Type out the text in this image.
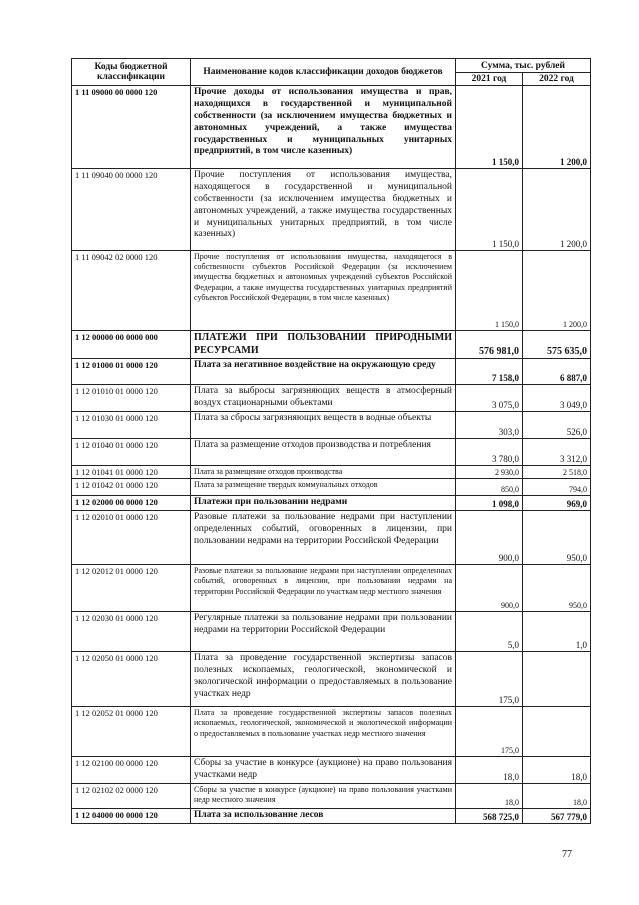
Коды бюджетной классификации	Наименование кодов классификации доходов бюджетов	Сумма, тыс. рублей	
		2021 год	2022 год
1 11 09000 00 0000 120	Прочие доходы от использования имущества и прав, находящихся в государственной и муниципальной собственности (за исключением имущества бюджетных и автономных учреждений, а также имущества государственных и муниципальных унитарных предприятий, в том числе казенных)	1 150,0	1 200,0
1 11 09040 00 0000 120	Прочие поступления от использования имущества, находящегося в государственной и муниципальной собственности (за исключением имущества бюджетных и автономных учреждений, а также имущества государственных и муниципальных унитарных предприятий, в том числе казенных)	1 150,0	1 200,0
1 11 09042 02 0000 120	Прочие поступления от использования имущества, находящегося в собственности субъектов Российской Федерации (за исключением имущества бюджетных и автономных учреждений субъектов Российской Федерации, а также имущества государственных унитарных предприятий субъектов Российской Федерации, в том числе казенных)	1 150,0	1 200,0
1 12 00000 00 0000 000	ПЛАТЕЖИ ПРИ ПОЛЬЗОВАНИИ ПРИРОДНЫМИ РЕСУРСАМИ	576 981,0	575 635,0
1 12 01000 01 0000 120	Плата за негативное воздействие на окружающую среду	7 158,0	6 887,0
1 12 01010 01 0000 120	Плата за выбросы загрязняющих веществ в атмосферный воздух стационарными объектами	3 075,0	3 049,0
1 12 01030 01 0000 120	Плата за сбросы загрязняющих веществ в водные объекты	303,0	526,0
1 12 01040 01 0000 120	Плата за размещение отходов производства и потребления	3 780,0	3 312,0
1 12 01041 01 0000 120	Плата за размещение отходов производства	2 930,0	2 518,0
1 12 01042 01 0000 120	Плата за размещение твердых коммунальных отходов	850,0	794,0
1 12 02000 00 0000 120	Платежи при пользовании недрами	1 098,0	969,0
1 12 02010 01 0000 120	Разовые платежи за пользование недрами при наступлении определенных событий, оговоренных в лицензии, при пользовании недрами на территории Российской Федерации	900,0	950,0
1 12 02012 01 0000 120	Разовые платежи за пользование недрами при наступлении определенных событий, оговоренных в лицензии, при пользовании недрами на территории Российской Федерации по участкам недр местного значения	900,0	950,0
1 12 02030 01 0000 120	Регулярные платежи за пользование недрами при пользовании недрами на территории Российской Федерации	5,0	1,0
1 12 02050 01 0000 120	Плата за проведение государственной экспертизы запасов полезных ископаемых, геологической, экономической и экологической информации о предоставляемых в пользование участках недр	175,0	
1 12 02052 01 0000 120	Плата за проведение государственной экспертизы запасов полезных ископаемых, геологической, экономической и экологической информации о предоставляемых в пользование участках недр местного значения	175,0	
1 12 02100 00 0000 120	Сборы за участие в конкурсе (аукционе) на право пользования участками недр	18,0	18,0
1 12 02102 02 0000 120	Сборы за участие в конкурсе (аукционе) на право пользования участками недр местного значения	18,0	18,0
1 12 04000 00 0000 120	Плата за использование лесов	568 725,0	567 779,0
77
